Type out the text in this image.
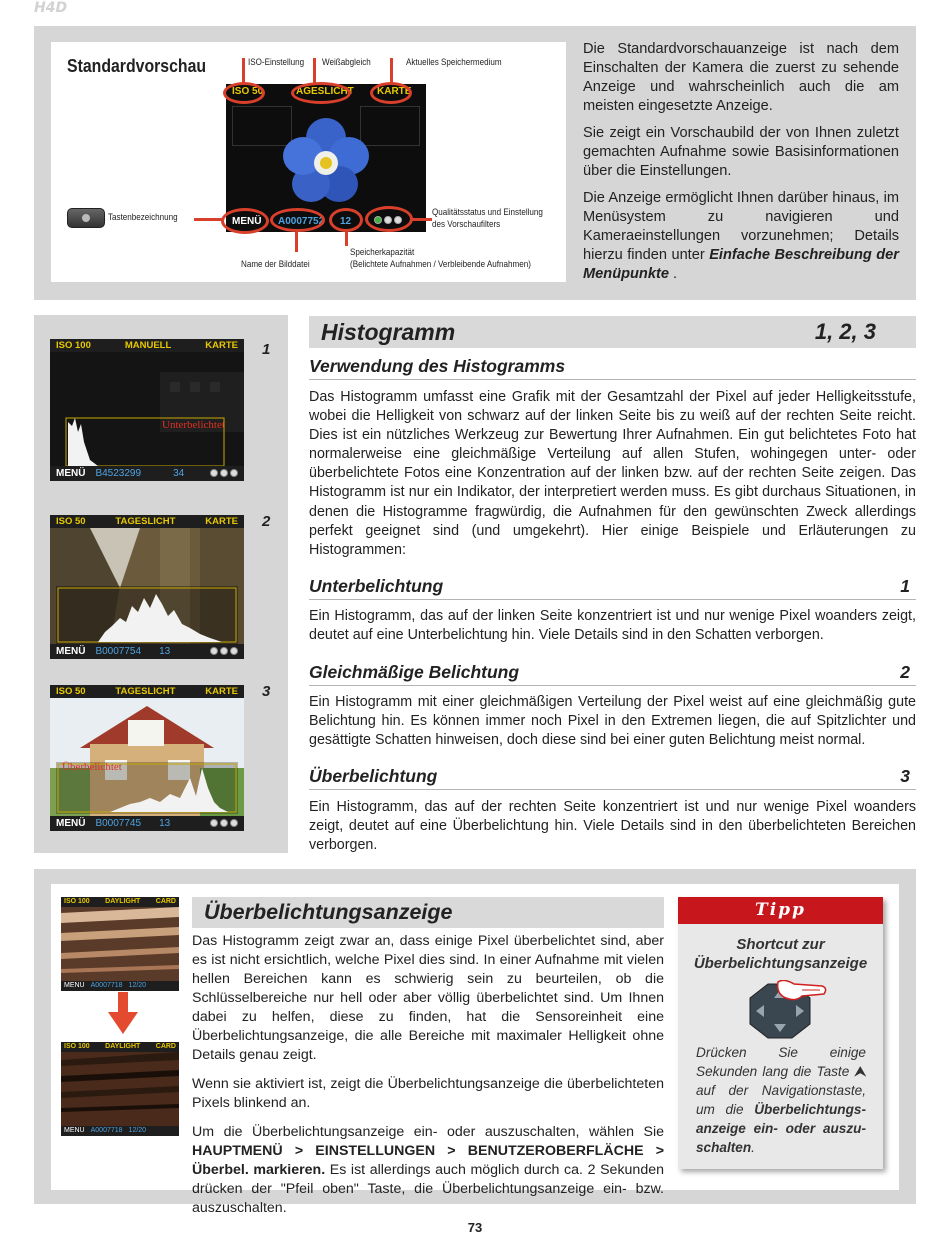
H4D
Standardvorschau
ISO 50	AGESLICHT KARTE
MENÜ A0007752 12
ISO-Einstellung Weißabgleich	Aktuelles Speichermedium
Tastenbezeichnung	Qualitätsstatus und Einstellung
des Vorschaufilters
Speicherkapazität
(Belichtete Aufnahmen / Verbleibende Aufnahmen)
Name der Bilddatei

Die Standardvorschauanzeige ist nach dem Einschalten der Kamera die zuerst zu sehende Anzeige und wahrscheinlich auch die am meisten eingesetzte Anzeige.

Sie zeigt ein Vorschaubild der von Ihnen zuletzt gemachten Aufnahme sowie Basisinformationen über die Einstellungen.

Die Anzeige ermöglicht Ihnen darüber hinaus, im Menüsystem zu navigieren und Kameraeinstellungen vorzunehmen; Details hierzu finden unter Einfache Beschreibung der Menüpunkte .

ISO 100	MANUELL	KARTE
Unterbelichtet
MENÜ B4523299	34
1
ISO 50	TAGESLICHT	KARTE
MENÜ B0007754 13
2
ISO 50	TAGESLICHT	KARTE
Überbelichtet
MENÜ B0007745 13
3
Histogramm	1, 2, 3
Verwendung des Histogramms
Das Histogramm umfasst eine Grafik mit der Gesamtzahl der Pixel auf jeder Helligkeitsstufe, wobei die Helligkeit von schwarz auf der linken Seite bis zu weiß auf der rechten Seite reicht. Dies ist ein nützliches Werkzeug zur Bewertung Ihrer Aufnahmen. Ein gut belichtetes Foto hat normalerweise eine gleichmäßige Verteilung auf allen Stufen, wohingegen unter- oder überbelichtete Fotos eine Konzentration auf der linken bzw. auf der rechten Seite zeigen. Das Histogramm ist nur ein Indikator, der interpretiert werden muss. Es gibt durchaus Situationen, in denen die Histogramme fragwürdig, die Aufnahmen für den gewünschten Zweck allerdings perfekt geeignet sind (und umgekehrt). Hier einige Beispiele und Erläuterungen zu Histogrammen:
Unterbelichtung	1
Ein Histogramm, das auf der linken Seite konzentriert ist und nur wenige Pixel woanders zeigt, deutet auf eine Unterbelichtung hin. Viele Details sind in den Schatten verborgen.
Gleichmäßige Belichtung	2
Ein Histogramm mit einer gleichmäßigen Verteilung der Pixel weist auf eine gleichmäßig gute Belichtung hin. Es können immer noch Pixel in den Extremen liegen, die auf Spitzlichter und gesättigte Schatten hinweisen, doch diese sind bei einer guten Belichtung meist normal.
Überbelichtung	3
Ein Histogramm, das auf der rechten Seite konzentriert ist und nur wenige Pixel woanders zeigt, deutet auf eine Überbelichtung hin. Viele Details sind in den überbelichteten Bereichen verborgen.
ISO 100 DAYLIGHT CARD
MENU A0007718 12/20
ISO 100 DAYLIGHT CARD
MENU A0007718 12/20
Überbelichtungsanzeige

Das Histogramm zeigt zwar an, dass einige Pixel überbelichtet sind, aber es ist nicht ersichtlich, welche Pixel dies sind. In einer Aufnahme mit vielen hellen Bereichen kann es schwierig sein zu beurteilen, ob die Schlüsselbereiche nur hell oder aber völlig überbelichtet sind. Um Ihnen dabei zu helfen, diese zu finden, hat die Sensoreinheit eine Überbelichtungsanzeige, die alle Bereiche mit maximaler Helligkeit ohne Details genau zeigt.

Wenn sie aktiviert ist, zeigt die Überbelichtungsanzeige die überbelichteten Pixels blinkend an.

Um die Überbelichtungsanzeige ein- oder auszuschalten, wählen Sie HAUPTMENÜ > EINSTELLUNGEN > BENUTZEROBERFLÄCHE > Überbel. markieren. Es ist allerdings auch möglich durch ca. 2 Sekunden drücken der "Pfeil oben" Taste, die Überbelichtungsanzeige ein- bzw. auszuschalten.

Tipp
Shortcut zur
Überbelichtungsanzeige
Drücken Sie einige Sekunden lang die Taste ⮝ auf der Navigationstaste, um die Überbelichtungsanzeige ein- oder auszuschalten.
73
